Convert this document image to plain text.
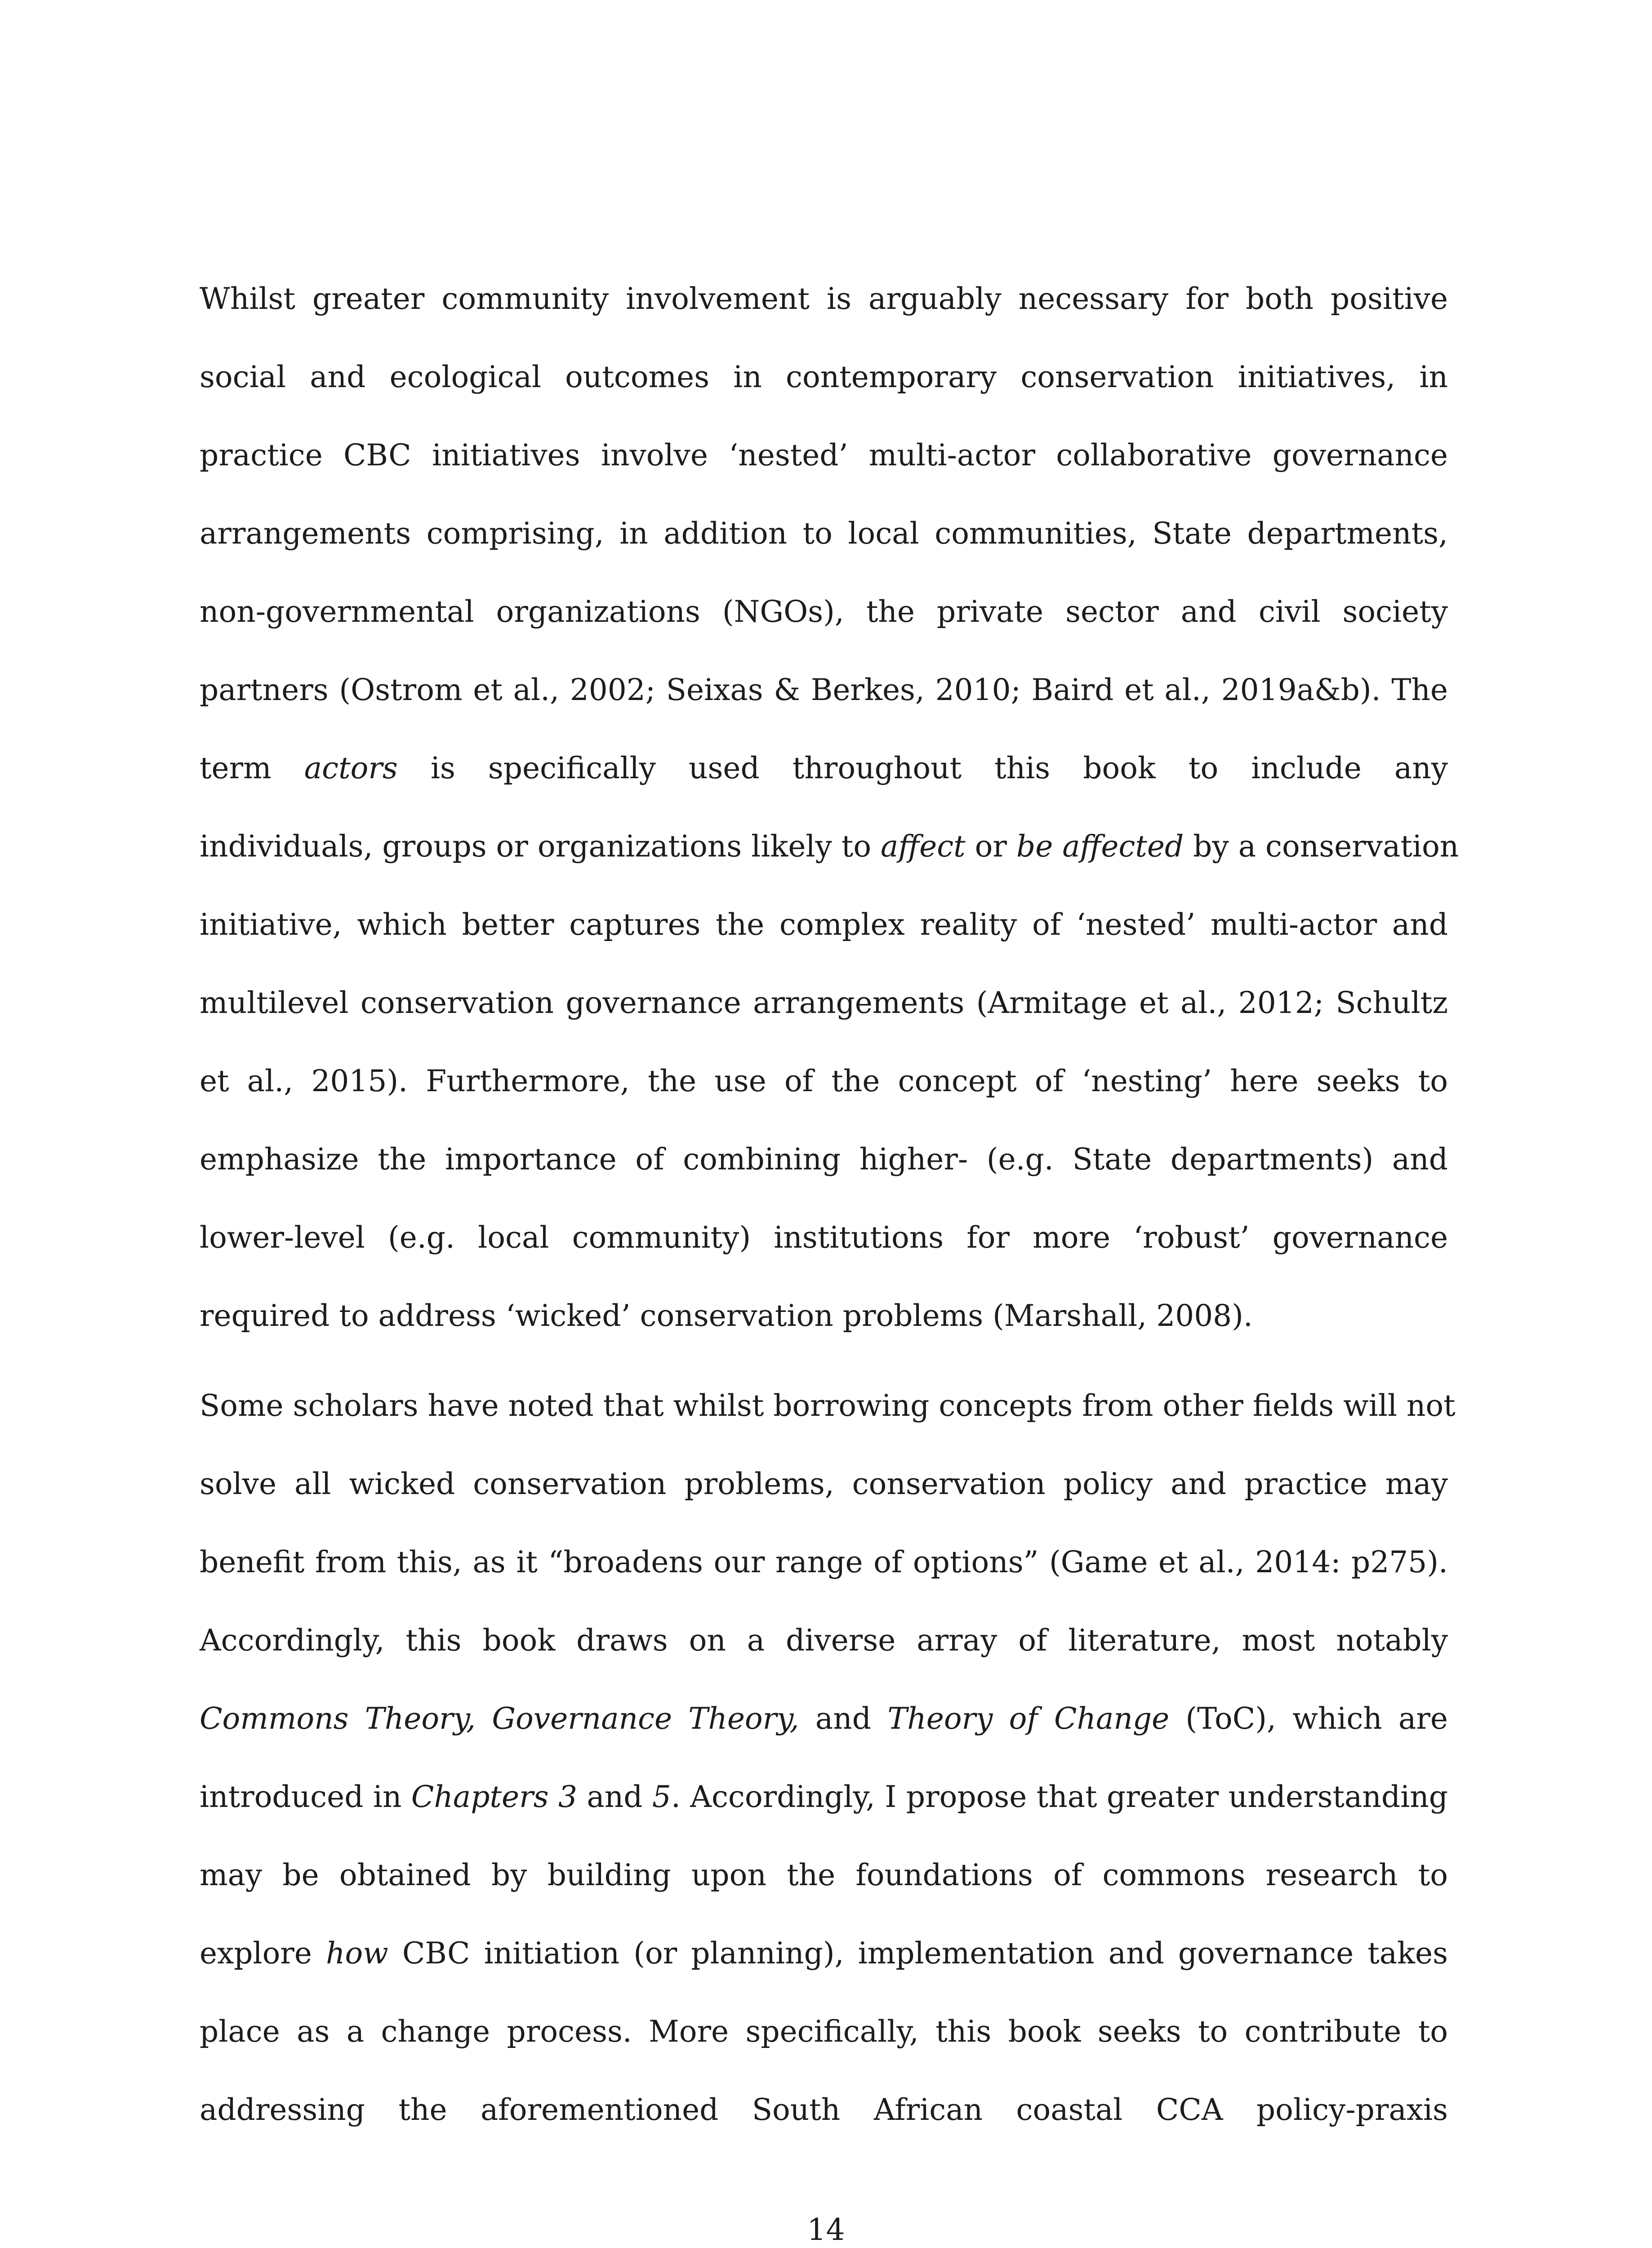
Whilst greater community involvement is arguably necessary for both positive
social and ecological outcomes in contemporary conservation initiatives, in
practice CBC initiatives involve ‘nested’ multi-actor collaborative governance
arrangements comprising, in addition to local communities, State departments,
non-governmental organizations (NGOs), the private sector and civil society
partners (Ostrom et al., 2002; Seixas & Berkes, 2010; Baird et al., 2019a&b). The
term actors is specifically used throughout this book to include any
individuals, groups or organizations likely to affect or be affected by a conservation
initiative, which better captures the complex reality of ‘nested’ multi-actor and
multilevel conservation governance arrangements (Armitage et al., 2012; Schultz
et al., 2015). Furthermore, the use of the concept of ‘nesting’ here seeks to
emphasize the importance of combining higher- (e.g. State departments) and
lower-level (e.g. local community) institutions for more ‘robust’ governance
required to address ‘wicked’ conservation problems (Marshall, 2008).
Some scholars have noted that whilst borrowing concepts from other fields will not
solve all wicked conservation problems, conservation policy and practice may
benefit from this, as it “broadens our range of options” (Game et al., 2014: p275).
Accordingly, this book draws on a diverse array of literature, most notably
Commons Theory, Governance Theory, and Theory of Change (ToC), which are
introduced in Chapters 3 and 5. Accordingly, I propose that greater understanding
may be obtained by building upon the foundations of commons research to
explore how CBC initiation (or planning), implementation and governance takes
place as a change process. More specifically, this book seeks to contribute to
addressing the aforementioned South African coastal CCA policy-praxis
14
